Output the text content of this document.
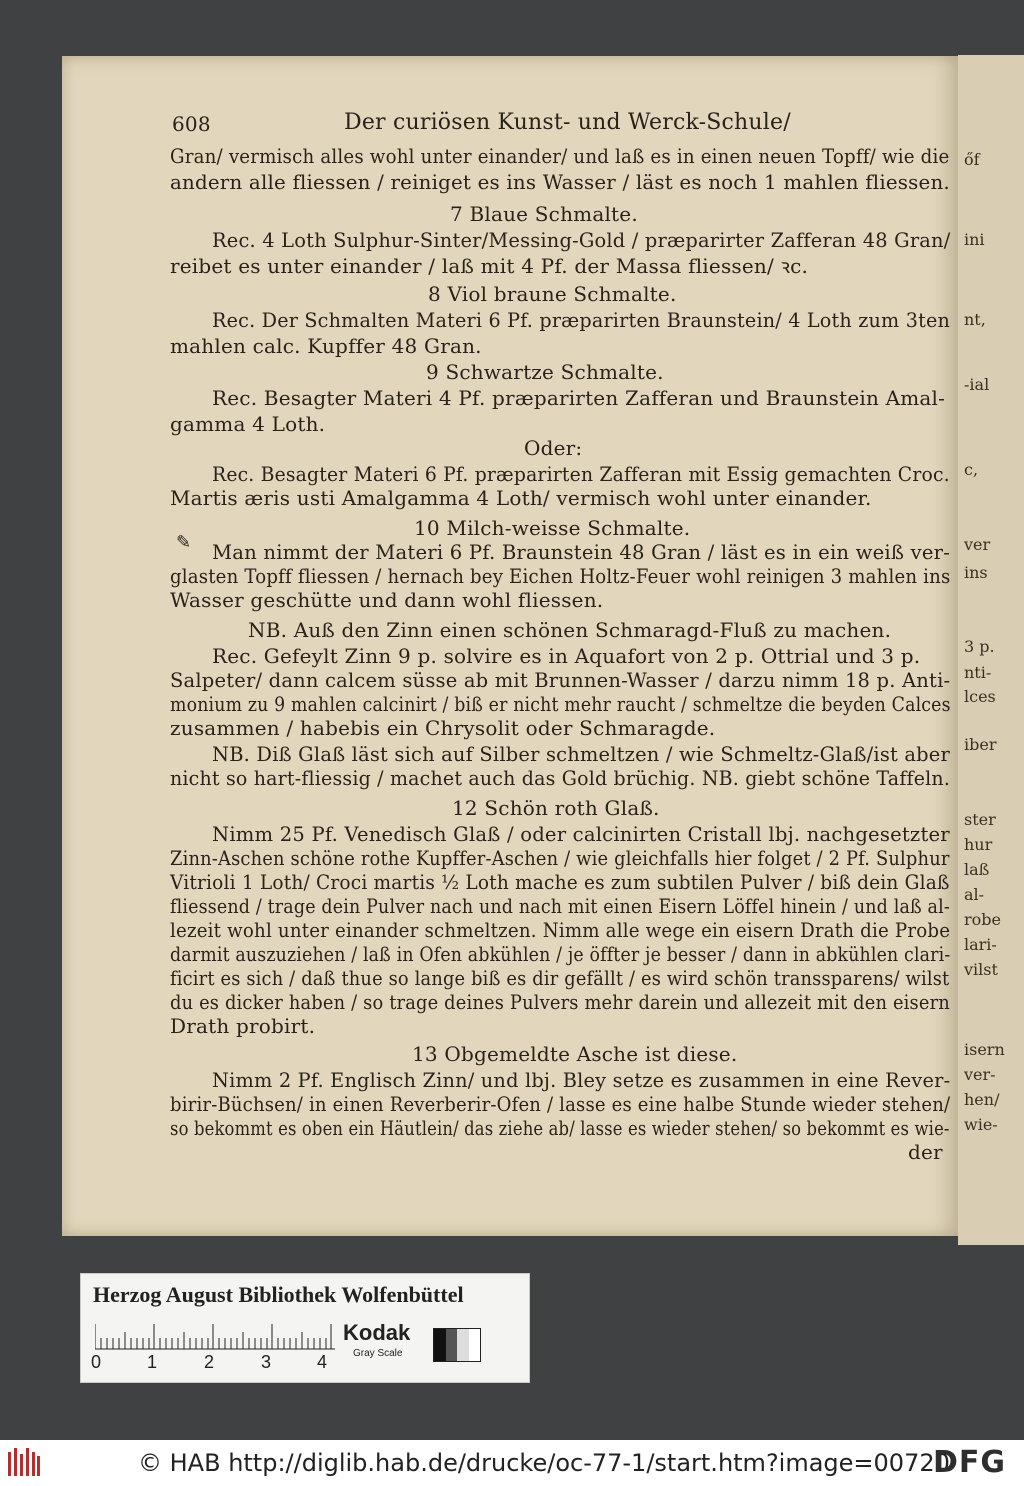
őf
ini
nt,
-ial
c,
ver
ins
3 p.
nti-
lces
iber
ster
hur
laß
al-
robe
lari-
vilst
isern
ver-
hen/
wie-
608	Der curiösen Kunst- und Werck-Schule/
Gran/ vermisch alles wohl unter einander/ und laß es in einen neuen Topff/ wie die
andern alle fliessen / reiniget es ins Wasser / läst es noch 1 mahlen fliessen.
7 Blaue Schmalte.
Rec. 4 Loth Sulphur-Sinter/Messing-Gold / præparirter Zafferan 48 Gran/
reibet es unter einander / laß mit 4 Pf. der Massa fliessen/ ꝛc.
8 Viol braune Schmalte.
Rec. Der Schmalten Materi 6 Pf. præparirten Braunstein/ 4 Loth zum 3ten
mahlen calc. Kupffer 48 Gran.
9 Schwartze Schmalte.
Rec. Besagter Materi 4 Pf. præparirten Zafferan und Braunstein Amal-
gamma 4 Loth.
Oder:
Rec. Besagter Materi 6 Pf. præparirten Zafferan mit Essig gemachten Croc.
Martis æris usti Amalgamma 4 Loth/ vermisch wohl unter einander.
10 Milch-weisse Schmalte.
Man nimmt der Materi 6 Pf. Braunstein 48 Gran / läst es in ein weiß ver-
glasten Topff fliessen / hernach bey Eichen Holtz-Feuer wohl reinigen 3 mahlen ins
Wasser geschütte und dann wohl fliessen.
NB. Auß den Zinn einen schönen Schmaragd-Fluß zu machen.
Rec. Gefeylt Zinn 9 p. solvire es in Aquafort von 2 p. Ottrial und 3 p.
Salpeter/ dann calcem süsse ab mit Brunnen-Wasser / darzu nimm 18 p. Anti-
monium zu 9 mahlen calcinirt / biß er nicht mehr raucht / schmeltze die beyden Calces
zusammen / habebis ein Chrysolit oder Schmaragde.
NB. Diß Glaß läst sich auf Silber schmeltzen / wie Schmeltz-Glaß/ist aber
nicht so hart-fliessig / machet auch das Gold brüchig. NB. giebt schöne Taffeln.
12 Schön roth Glaß.
Nimm 25 Pf. Venedisch Glaß / oder calcinirten Cristall lbj. nachgesetzter
Zinn-Aschen schöne rothe Kupffer-Aschen / wie gleichfalls hier folget / 2 Pf. Sulphur
Vitrioli 1 Loth/ Croci martis ½ Loth mache es zum subtilen Pulver / biß dein Glaß
fliessend / trage dein Pulver nach und nach mit einen Eisern Löffel hinein / und laß al-
lezeit wohl unter einander schmeltzen. Nimm alle wege ein eisern Drath die Probe
darmit auszuziehen / laß in Ofen abkühlen / je öffter je besser / dann in abkühlen clari-
ficirt es sich / daß thue so lange biß es dir gefällt / es wird schön transsparens/ wilst
du es dicker haben / so trage deines Pulvers mehr darein und allezeit mit den eisern
Drath probirt.
13 Obgemeldte Asche ist diese.
Nimm 2 Pf. Englisch Zinn/ und lbj. Bley setze es zusammen in eine Rever-
birir-Büchsen/ in einen Reverberir-Ofen / lasse es eine halbe Stunde wieder stehen/
so bekommt es oben ein Häutlein/ das ziehe ab/ lasse es wieder stehen/ so bekommt es wie-
der
✎
Herzog August Bibliothek Wolfenbüttel
0	1	2	3	4
Kodak
Gray Scale
© HAB http://diglib.hab.de/drucke/oc-77-1/start.htm?image=00720
DFG
